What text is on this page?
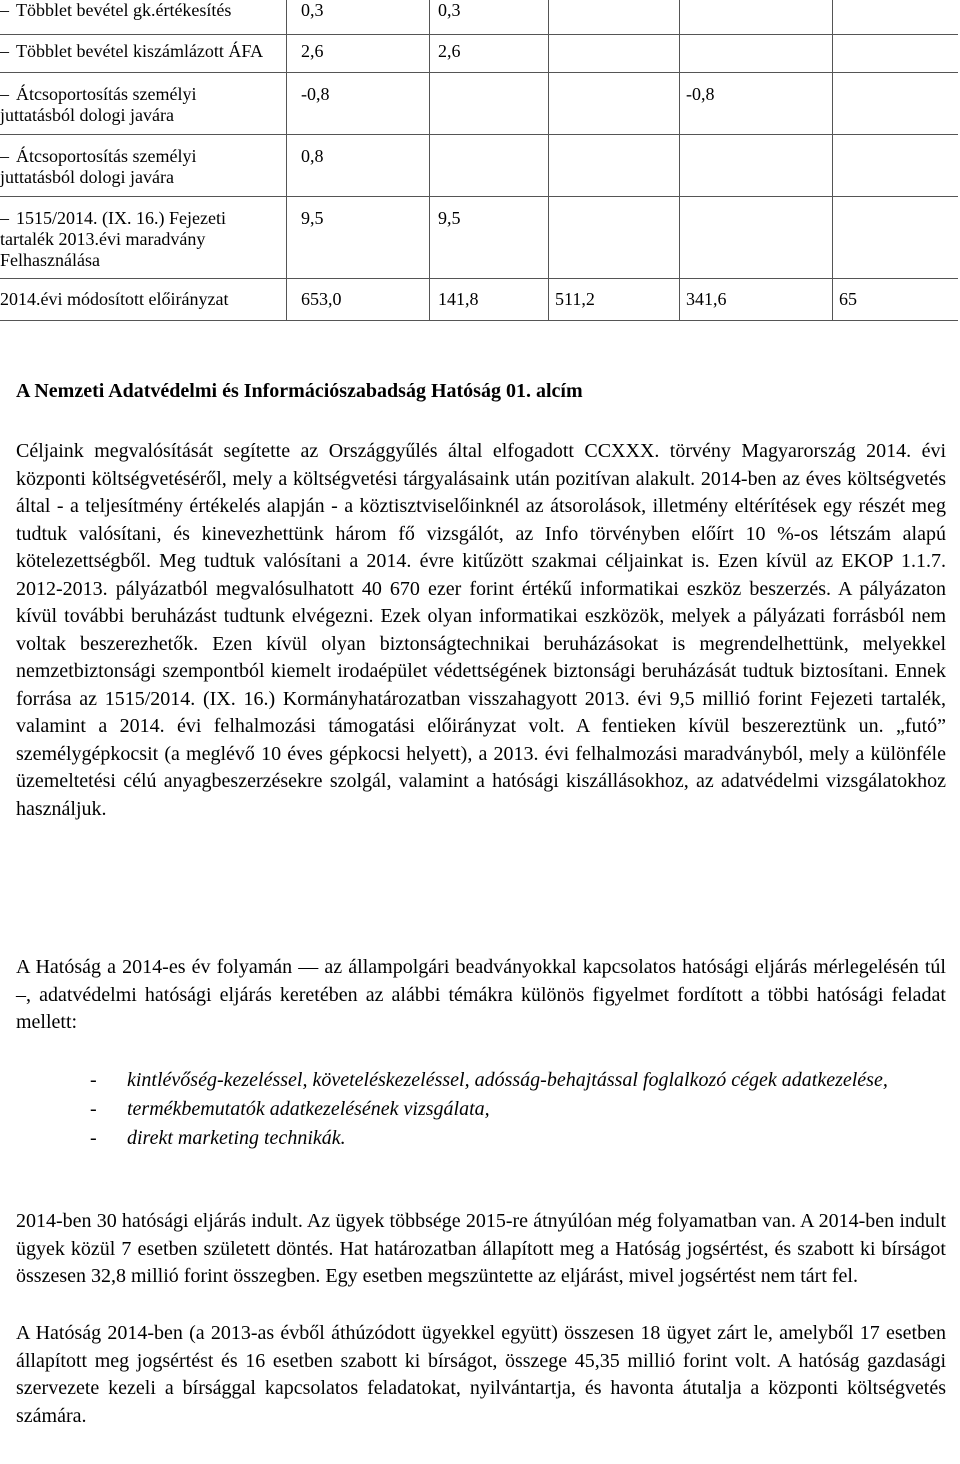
– Többlet bevétel gk.értékesítés	0,3	0,3			

– Többlet bevétel kiszámlázott ÁFA	2,6	2,6			

– Átcsoportosítás személyi
juttatásból dologi javára	-0,8			-0,8	

– Átcsoportosítás személyi
juttatásból dologi javára	0,8				

– 1515/2014. (IX. 16.) Fejezeti
tartalék 2013.évi maradvány
Felhasználása	9,5	9,5			

2014.évi módosított előirányzat	653,0	141,8	511,2	341,6	65
A Nemzeti Adatvédelmi és Információszabadság Hatóság 01. alcím

Céljaink megvalósítását segítette az Országgyűlés által elfogadott CCXXX. törvény Magyarország 2014. évi központi költségvetéséről, mely a költségvetési tárgyalásaink után pozitívan alakult. 2014-ben az éves költségvetés által - a teljesítmény értékelés alapján - a köztisztviselőinknél az átsorolások, illetmény eltérítések egy részét meg tudtuk valósítani, és kinevezhettünk három fő vizsgálót, az Info törvényben előírt 10 %-os létszám alapú kötelezettségből. Meg tudtuk valósítani a 2014. évre kitűzött szakmai céljainkat is. Ezen kívül az EKOP 1.1.7. 2012-2013. pályázatból megvalósulhatott 40 670 ezer forint értékű informatikai eszköz beszerzés. A pályázaton kívül további beruházást tudtunk elvégezni. Ezek olyan informatikai eszközök, melyek a pályázati forrásból nem voltak beszerezhetők. Ezen kívül olyan biztonságtechnikai beruházásokat is megrendelhettünk, melyekkel nemzetbiztonsági szempontból kiemelt irodaépület védettségének biztonsági beruházását tudtuk biztosítani. Ennek forrása az 1515/2014. (IX. 16.) Kormányhatározatban visszahagyott 2013. évi 9,5 millió forint Fejezeti tartalék, valamint a 2014. évi felhalmozási támogatási előirányzat volt. A fentieken kívül beszereztünk un. „futó” személygépkocsit (a meglévő 10 éves gépkocsi helyett), a 2013. évi felhalmozási maradványból, mely a különféle üzemeltetési célú anyagbeszerzésekre szolgál, valamint a hatósági kiszállásokhoz, az adatvédelmi vizsgálatokhoz használjuk.

A Hatóság a 2014-es év folyamán — az állampolgári beadványokkal kapcsolatos hatósági eljárás mérlegelésén túl –, adatvédelmi hatósági eljárás keretében az alábbi témákra különös figyelmet fordított a többi hatósági feladat mellett:

- kintlévőség-kezeléssel, követeléskezeléssel, adósság-behajtással foglalkozó cégek adatkezelése,
- termékbemutatók adatkezelésének vizsgálata,
- direkt marketing technikák.

2014-ben 30 hatósági eljárás indult. Az ügyek többsége 2015-re átnyúlóan még folyamatban van. A 2014-ben indult ügyek közül 7 esetben született döntés. Hat határozatban állapított meg a Hatóság jogsértést, és szabott ki bírságot összesen 32,8 millió forint összegben. Egy esetben megszüntette az eljárást, mivel jogsértést nem tárt fel.

A Hatóság 2014-ben (a 2013-as évből áthúzódott ügyekkel együtt) összesen 18 ügyet zárt le, amelyből 17 esetben állapított meg jogsértést és 16 esetben szabott ki bírságot, összege 45,35 millió forint volt. A hatóság gazdasági szervezete kezeli a bírsággal kapcsolatos feladatokat, nyilvántartja, és havonta átutalja a központi költségvetés számára.
